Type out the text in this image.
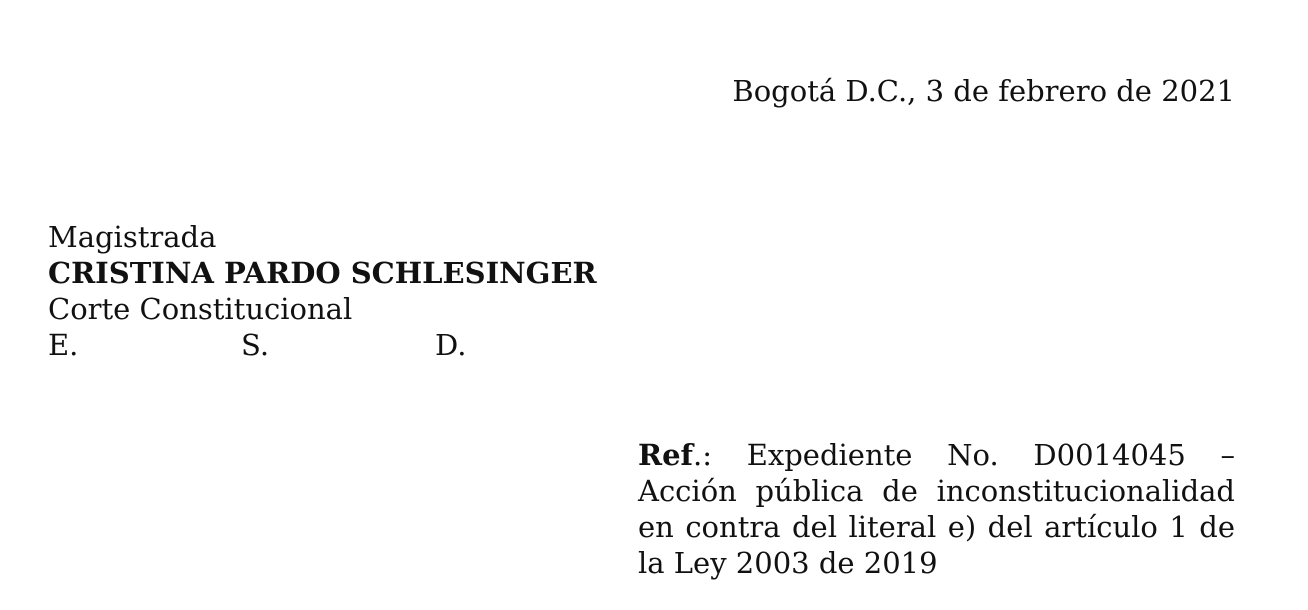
Bogotá D.C., 3 de febrero de 2021
Magistrada
CRISTINA PARDO SCHLESINGER
Corte Constitucional
E.	S.	D.
Ref.: Expediente No. D0014045 – Acción pública de inconstitucionalidad en contra del literal e) del artículo 1 de la Ley 2003 de 2019
